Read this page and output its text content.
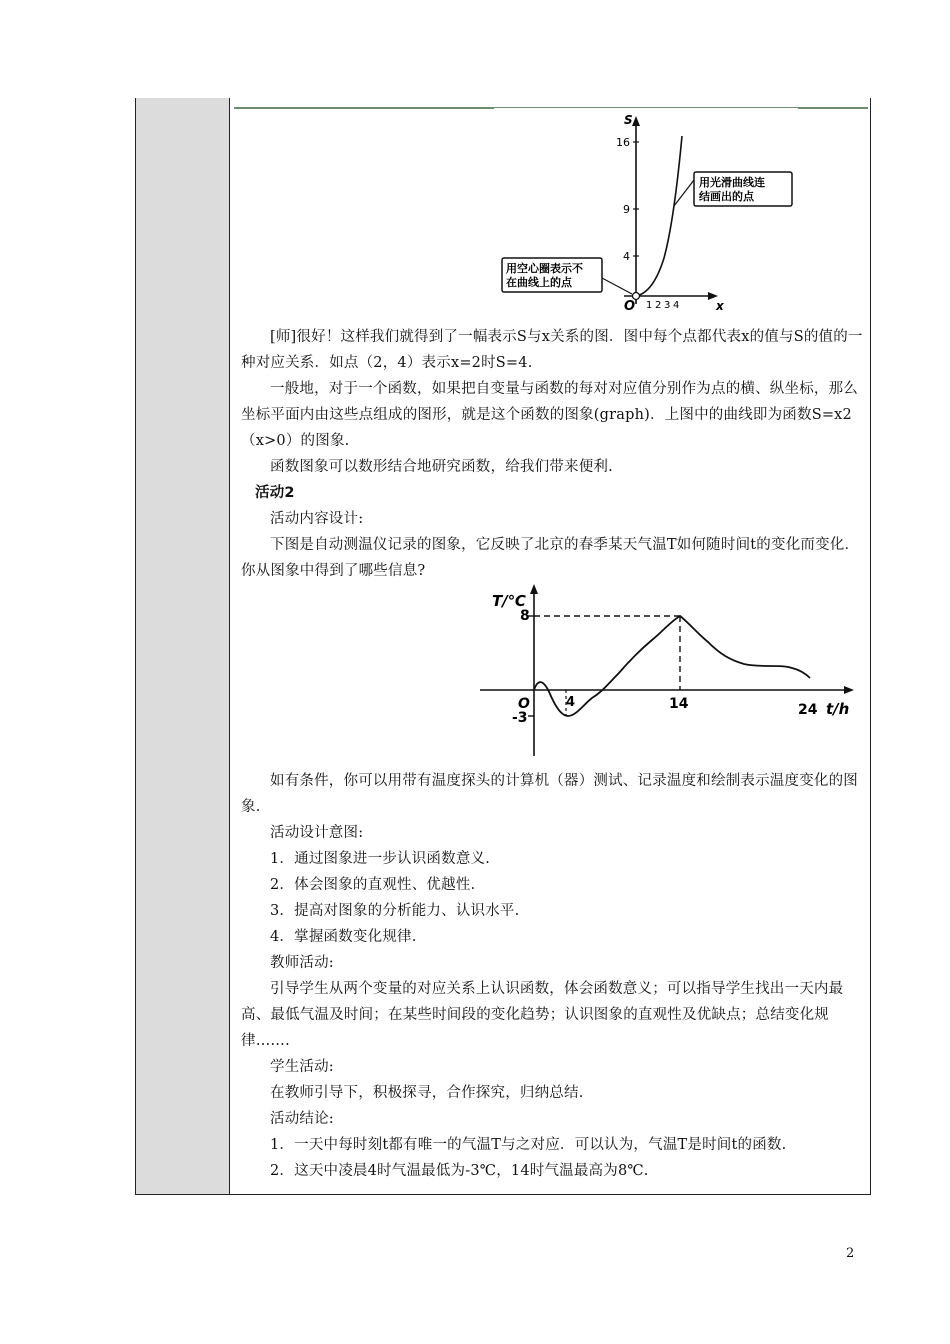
16
9
4
S
x
O 1 2 3 4
用光滑曲线连
结画出的点
用空心圈表示不
在曲线上的点

[师]很好！这样我们就得到了一幅表示S与x关系的图．图中每个点都代表x的值与S的值的一种对应关系．如点（2，4）表示x=2时S=4.

一般地，对于一个函数，如果把自变量与函数的每对对应值分别作为点的横、纵坐标，那么坐标平面内由这些点组成的图形，就是这个函数的图象(graph)．上图中的曲线即为函数S=x2（x>0）的图象.

函数图象可以数形结合地研究函数，给我们带来便利.

活动2

活动内容设计:

下图是自动测温仪记录的图象，它反映了北京的春季某天气温T如何随时间t的变化而变化．你从图象中得到了哪些信息?

T/℃
t/h
O
8
-3
4	14	24

如有条件，你可以用带有温度探头的计算机（器）测试、记录温度和绘制表示温度变化的图象.

活动设计意图:

1．通过图象进一步认识函数意义.

2．体会图象的直观性、优越性.

3．提高对图象的分析能力、认识水平.

4．掌握函数变化规律.

教师活动:

引导学生从两个变量的对应关系上认识函数，体会函数意义；可以指导学生找出一天内最高、最低气温及时间；在某些时间段的变化趋势；认识图象的直观性及优缺点；总结变化规律…….

学生活动:

在教师引导下，积极探寻，合作探究，归纳总结.

活动结论:

1．一天中每时刻t都有唯一的气温T与之对应．可以认为，气温T是时间t的函数.

2．这天中凌晨4时气温最低为-3℃，14时气温最高为8℃.

2
